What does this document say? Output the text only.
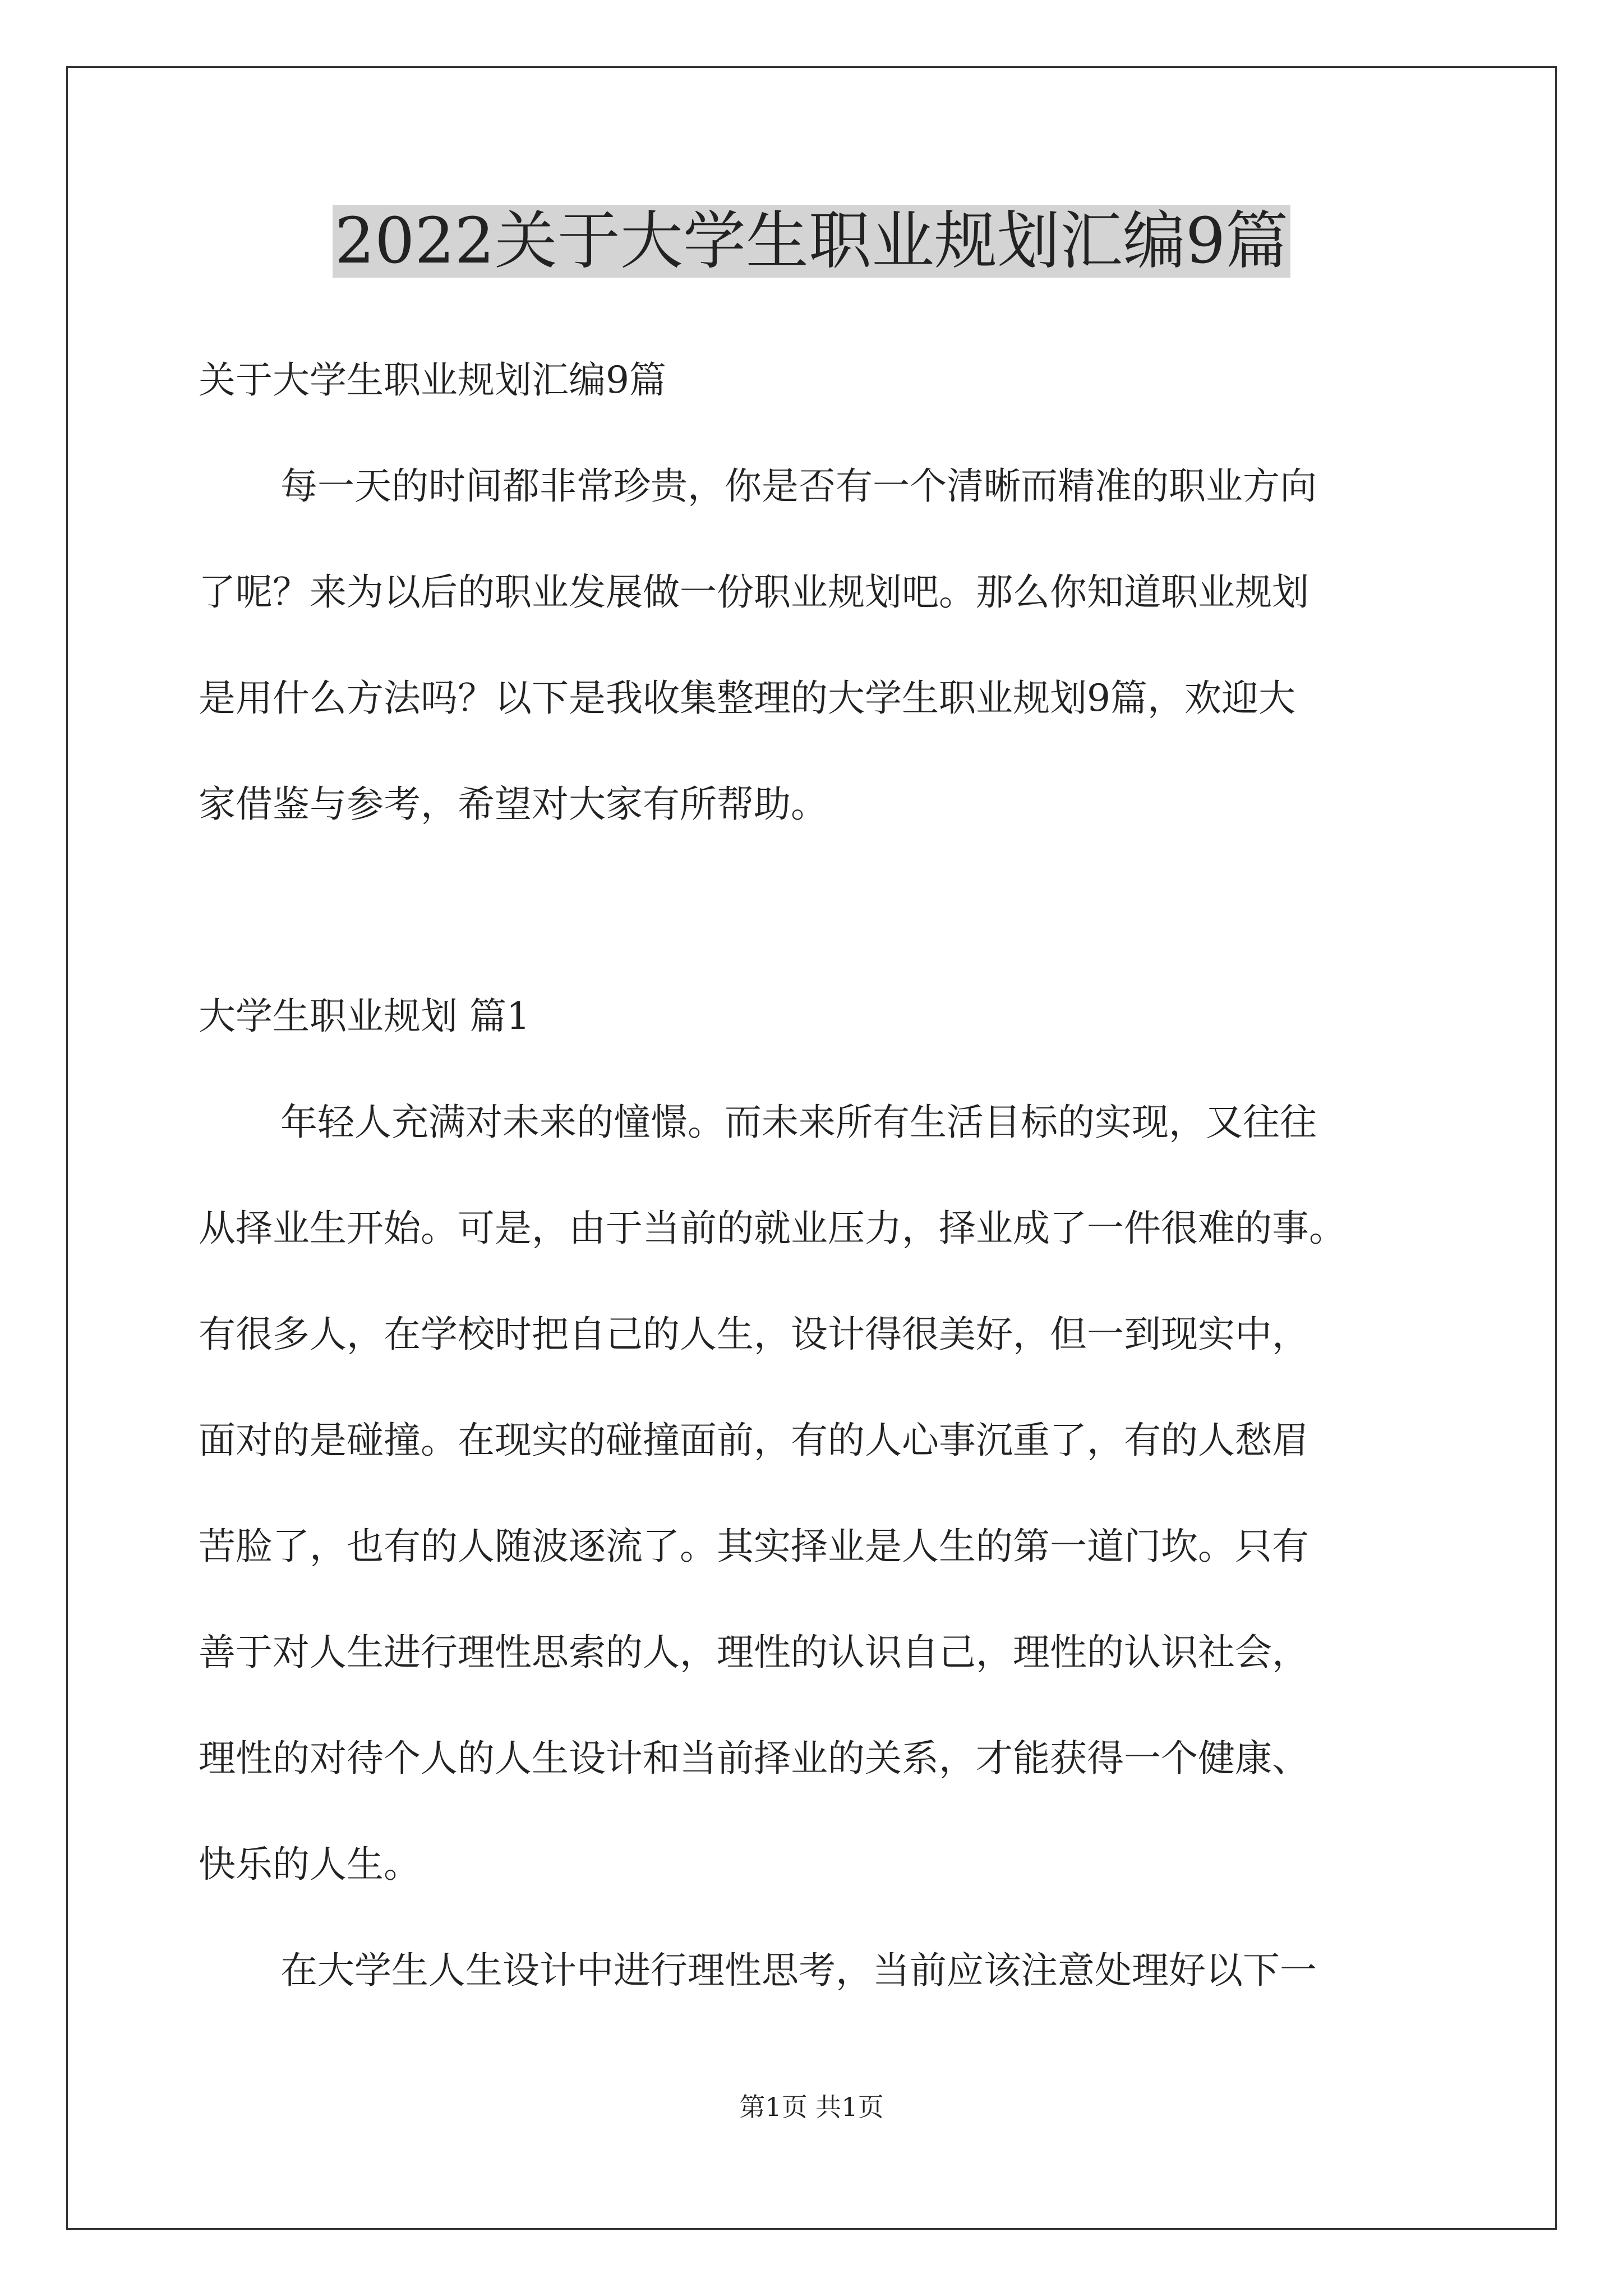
2022关于大学生职业规划汇编9篇

关于大学生职业规划汇编9篇

每一天的时间都非常珍贵，你是否有一个清晰而精准的职业方向

了呢？来为以后的职业发展做一份职业规划吧。那么你知道职业规划

是用什么方法吗？以下是我收集整理的大学生职业规划9篇，欢迎大

家借鉴与参考，希望对大家有所帮助。

大学生职业规划 篇1

年轻人充满对未来的憧憬。而未来所有生活目标的实现，又往往

从择业生开始。可是，由于当前的就业压力，择业成了一件很难的事。

有很多人，在学校时把自己的人生，设计得很美好，但一到现实中，

面对的是碰撞。在现实的碰撞面前，有的人心事沉重了，有的人愁眉

苦脸了，也有的人随波逐流了。其实择业是人生的第一道门坎。只有

善于对人生进行理性思索的人，理性的认识自己，理性的认识社会，

理性的对待个人的人生设计和当前择业的关系，才能获得一个健康、

快乐的人生。

在大学生人生设计中进行理性思考，当前应该注意处理好以下一

第1页 共1页
